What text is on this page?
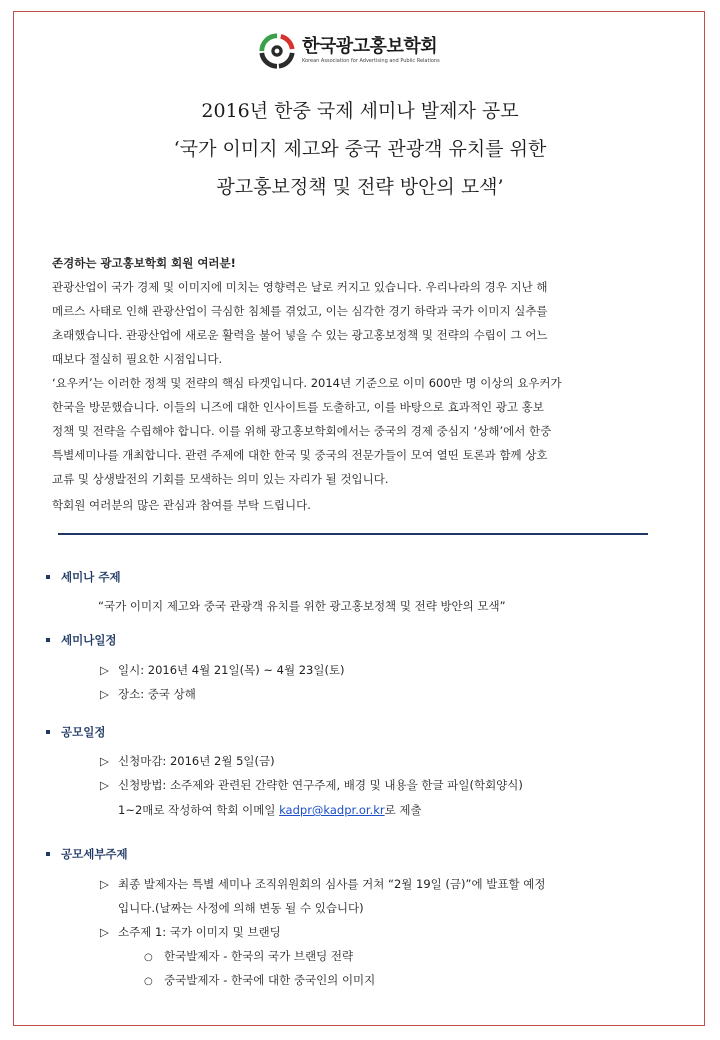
한국광고홍보학회
Korean Association for Advertising and Public Relations
2016년 한중 국제 세미나 발제자 공모
‘국가 이미지 제고와 중국 관광객 유치를 위한
광고홍보정책 및 전략 방안의 모색’

존경하는 광고홍보학회 회원 여러분!

관광산업이 국가 경제 및 이미지에 미치는 영향력은 날로 커지고 있습니다. 우리나라의 경우 지난 해

메르스 사태로 인해 관광산업이 극심한 침체를 겪었고, 이는 심각한 경기 하락과 국가 이미지 실추를

초래했습니다. 관광산업에 새로운 활력을 불어 넣을 수 있는 광고홍보정책 및 전략의 수립이 그 어느

때보다 절실히 필요한 시점입니다.

‘요우커’는 이러한 정책 및 전략의 핵심 타겟입니다. 2014년 기준으로 이미 600만 명 이상의 요우커가

한국을 방문했습니다. 이들의 니즈에 대한 인사이트를 도출하고, 이를 바탕으로 효과적인 광고 홍보

정책 및 전략을 수립해야 합니다. 이를 위해 광고홍보학회에서는 중국의 경제 중심지 ‘상해’에서 한중

특별세미나를 개최합니다. 관련 주제에 대한 한국 및 중국의 전문가들이 모여 열띤 토론과 함께 상호

교류 및 상생발전의 기회를 모색하는 의미 있는 자리가 될 것입니다.

학회원 여러분의 많은 관심과 참여를 부탁 드립니다.

세미나 주제
“국가 이미지 제고와 중국 관광객 유치를 위한 광고홍보정책 및 전략 방안의 모색”
세미나일정
▷ 일시: 2016년 4월 21일(목) ~ 4월 23일(토)
▷ 장소: 중국 상해
공모일정
▷ 신청마감: 2016년 2월 5일(금)
▷ 신청방법: 소주제와 관련된 간략한 연구주제, 배경 및 내용을 한글 파일(학회양식)
1~2매로 작성하여 학회 이메일 kadpr@kadpr.or.kr로 제출
공모세부주제
▷ 최종 발제자는 특별 세미나 조직위원회의 심사를 거쳐 “2월 19일 (금)”에 발표할 예정
입니다.(날짜는 사정에 의해 변동 될 수 있습니다)
▷ 소주제 1: 국가 이미지 및 브랜딩
○ 한국발제자 - 한국의 국가 브랜딩 전략
○ 중국발제자 - 한국에 대한 중국인의 이미지
